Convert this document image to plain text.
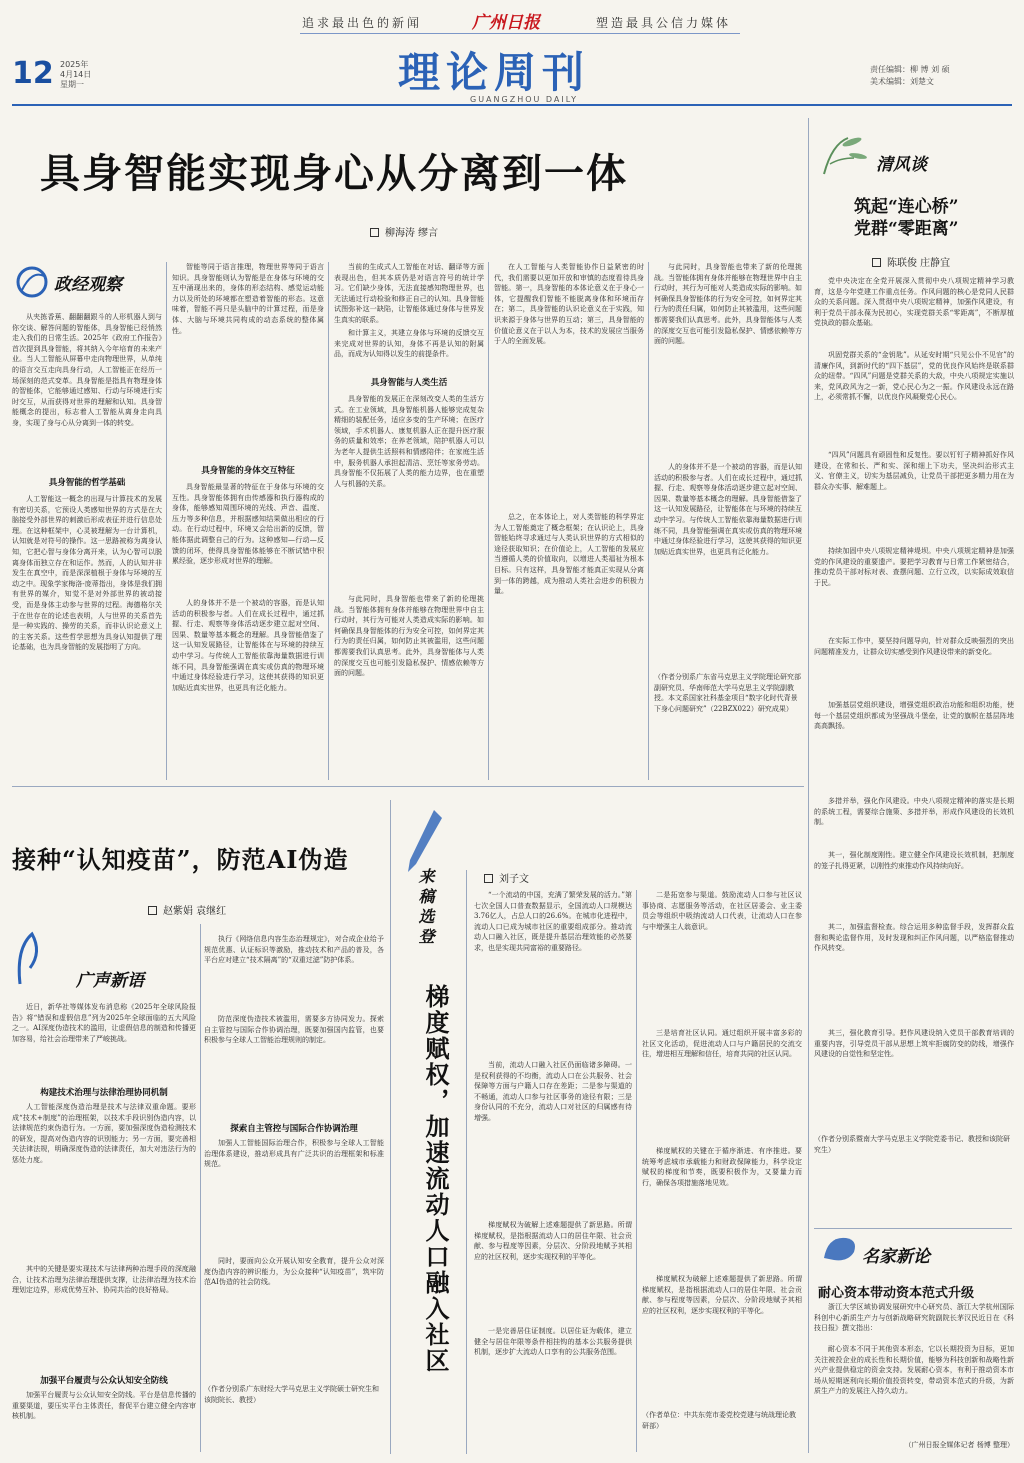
追求最出色的新闻	广州日报	塑造最具公信力媒体
12 2025年
4月14日
星期一	理论周刊
GUANGZHOU DAILY
责任编辑：柳 博 刘 硕
美术编辑：刘楚文
具身智能实现身心从分离到一体
柳海涛 缪言
清风谈
筑起“连心桥”
党群“零距离”
陈联俊 庄静宜
政经观察

从夹拣香蕉、翻翻翻跟斗的人形机器人到与你交谈、解答问题的智能体，具身智能已经悄然走入我们的日常生活。2025年《政府工作报告》首次提到具身智能，将其纳入今年培育的未来产业。当人工智能从屏幕中走向物理世界，从单纯的语言交互走向具身行动，人工智能正在经历一场深刻的范式变革。具身智能是指具有物理身体的智能体，它能够通过感知、行动与环境进行实时交互，从而获得对世界的理解和认知。具身智能概念的提出，标志着人工智能从离身走向具身，实现了身与心从分离到一体的转变。

具身智能的哲学基础

人工智能这一概念的出现与计算技术的发展有密切关系，它预设人类感知世界的方式是在大脑接受外部世界的刺激后形成表征并进行信息处理。在这种框架中，心灵被理解为一台计算机，认知就是对符号的操作。这一思路被称为离身认知，它把心智与身体分离开来，认为心智可以脱离身体而独立存在和运作。然而，人的认知并非发生在真空中，而是深深植根于身体与环境的互动之中。现象学家梅洛-庞蒂指出，身体是我们拥有世界的媒介，知觉不是对外部世界的被动接受，而是身体主动参与世界的过程。海德格尔关于在世存在的论述也表明，人与世界的关系首先是一种实践的、操劳的关系，而非认识论意义上的主客关系。这些哲学思想为具身认知提供了理论基础，也为具身智能的发展指明了方向。

智能等同于语言推理，物理世界等同于语言知识。具身智能则认为智能是在身体与环境的交互中涌现出来的，身体的形态结构、感觉运动能力以及所处的环境都在塑造着智能的形态。这意味着，智能不再只是头脑中的计算过程，而是身体、大脑与环境共同构成的动态系统的整体属性。

具身智能的身体交互特征

具身智能最显著的特征在于身体与环境的交互性。具身智能体拥有由传感器和执行器构成的身体，能够感知周围环境的光线、声音、温度、压力等多种信息，并根据感知结果做出相应的行动。在行动过程中，环境又会给出新的反馈，智能体据此调整自己的行为。这种感知—行动—反馈的闭环，使得具身智能体能够在不断试错中积累经验，逐步形成对世界的理解。

人的身体并不是一个被动的容器，而是认知活动的积极参与者。人们在成长过程中，通过抓握、行走、观察等身体活动逐步建立起对空间、因果、数量等基本概念的理解。具身智能借鉴了这一认知发展路径，让智能体在与环境的持续互动中学习。与传统人工智能依靠海量数据进行训练不同，具身智能强调在真实或仿真的物理环境中通过身体经验进行学习，这使其获得的知识更加贴近真实世界，也更具有泛化能力。

当前的生成式人工智能在对话、翻译等方面表现出色，但其本质仍是对语言符号的统计学习。它们缺少身体，无法直接感知物理世界，也无法通过行动检验和修正自己的认知。具身智能试图弥补这一缺陷，让智能体通过身体与世界发生真实的联系。

和计算主义，其建立身体与环境的反馈交互来完成对世界的认知，身体不再是认知的附属品，而成为认知得以发生的前提条件。

具身智能与人类生活

具身智能的发展正在深刻改变人类的生活方式。在工业领域，具身智能机器人能够完成复杂精细的装配任务，适应多变的生产环境；在医疗领域，手术机器人、康复机器人正在提升医疗服务的质量和效率；在养老领域，陪护机器人可以为老年人提供生活照料和情感陪伴；在家庭生活中，服务机器人承担起清洁、烹饪等家务劳动。具身智能不仅拓展了人类的能力边界，也在重塑人与机器的关系。

与此同时，具身智能也带来了新的伦理挑战。当智能体拥有身体并能够在物理世界中自主行动时，其行为可能对人类造成实际的影响。如何确保具身智能体的行为安全可控，如何界定其行为的责任归属，如何防止其被滥用，这些问题都需要我们认真思考。此外，具身智能体与人类的深度交互也可能引发隐私保护、情感依赖等方面的问题。

在人工智能与人类智能协作日益紧密的时代，我们需要以更加开放和审慎的态度看待具身智能。第一，具身智能的本体论意义在于身心一体，它提醒我们智能不能脱离身体和环境而存在；第二，具身智能的认识论意义在于实践，知识来源于身体与世界的互动；第三，具身智能的价值论意义在于以人为本，技术的发展应当服务于人的全面发展。

总之，在本体论上，对人类智能的科学界定为人工智能奠定了概念框架；在认识论上，具身智能始终寻求通过与人类认识世界的方式相似的途径获取知识；在价值论上，人工智能的发展应当遵循人类的价值取向，以增进人类福祉为根本目标。只有这样，具身智能才能真正实现从分离到一体的跨越，成为推动人类社会进步的积极力量。

与此同时，具身智能也带来了新的伦理挑战。当智能体拥有身体并能够在物理世界中自主行动时，其行为可能对人类造成实际的影响。如何确保具身智能体的行为安全可控，如何界定其行为的责任归属，如何防止其被滥用，这些问题都需要我们认真思考。此外，具身智能体与人类的深度交互也可能引发隐私保护、情感依赖等方面的问题。

人的身体并不是一个被动的容器，而是认知活动的积极参与者。人们在成长过程中，通过抓握、行走、观察等身体活动逐步建立起对空间、因果、数量等基本概念的理解。具身智能借鉴了这一认知发展路径，让智能体在与环境的持续互动中学习。与传统人工智能依靠海量数据进行训练不同，具身智能强调在真实或仿真的物理环境中通过身体经验进行学习，这使其获得的知识更加贴近真实世界，也更具有泛化能力。

（作者分别系广东省马克思主义学院理论研究部副研究员、华南师范大学马克思主义学院副教授。本文系国家社科基金项目“数字化时代背景下身心问题研究”（22BZX022）研究成果）

党中央决定在全党开展深入贯彻中央八项规定精神学习教育，这是今年党建工作重点任务。作风问题的核心是党同人民群众的关系问题。深入贯彻中央八项规定精神，加强作风建设，有利于党员干部永葆为民初心，实现党群关系“零距离”，不断厚植党执政的群众基础。

巩固党群关系的“金钥匙”。从延安时期“只见公仆不见官”的清廉作风，到新时代的“四下基层”，党的优良作风始终是联系群众的纽带。“四风”问题是党群关系的大敌，中央八项规定实施以来，党风政风为之一新，党心民心为之一振。作风建设永远在路上，必须常抓不懈，以优良作风凝聚党心民心。

“四风”问题具有顽固性和反复性。要以钉钉子精神抓好作风建设，在常和长、严和实、深和细上下功夫，坚决纠治形式主义、官僚主义，切实为基层减负，让党员干部把更多精力用在为群众办实事、解难题上。

持续加固中央八项规定精神堤坝。中央八项规定精神是加强党的作风建设的重要遗产。要把学习教育与日常工作紧密结合，推动党员干部对标对表、查摆问题、立行立改，以实际成效取信于民。

在实际工作中，要坚持问题导向，针对群众反映强烈的突出问题精准发力，让群众切实感受到作风建设带来的新变化。

加强基层党组织建设，增强党组织政治功能和组织功能，使每一个基层党组织都成为坚强战斗堡垒，让党的旗帜在基层阵地高高飘扬。

多措并举，强化作风建设。中央八项规定精神的落实是长期的系统工程，需要综合施策、多措并举，形成作风建设的长效机制。

其一，强化制度刚性。建立健全作风建设长效机制，把制度的笼子扎得更紧，以刚性约束推动作风持续向好。

其二，加强监督检查。综合运用多种监督手段，发挥群众监督和舆论监督作用，及时发现和纠正作风问题，以严格监督推动作风转变。

其三，强化教育引导。把作风建设纳入党员干部教育培训的重要内容，引导党员干部从思想上筑牢拒腐防变的防线，增强作风建设的自觉性和坚定性。

（作者分别系暨南大学马克思主义学院党委书记、教授和该院研究生）

名家新论
耐心资本带动资本范式升级

浙江大学区域协调发展研究中心研究员、浙江大学杭州国际科创中心新质生产力与创新战略研究院副院长茅汉民近日在《科技日报》撰文指出：

耐心资本不同于其他资本形态，它以长期投资为目标，更加关注被投企业的成长性和长期价值，能够为科技创新和战略性新兴产业提供稳定的资金支持。发展耐心资本，有利于推动资本市场从短期逐利向长期价值投资转变，带动资本范式的升级，为新质生产力的发展注入持久动力。

（广州日报全媒体记者 杨博 整理）

接种“认知疫苗”，防范AI伪造
赵紫娟 袁继红
广声新语

近日，新华社等媒体发布消息称《2025年全球风险报告》将“错误和虚假信息”列为2025年全球面临的五大风险之一。AI深度伪造技术的滥用，让虚假信息的制造和传播更加容易，给社会治理带来了严峻挑战。

构建技术治理与法律治理协同机制

人工智能深度伪造治理是技术与法律双重命题。要形成“技术+制度”的治理框架，以技术手段识别伪造内容，以法律规范约束伪造行为。一方面，要加强深度伪造检测技术的研发，提高对伪造内容的识别能力；另一方面，要完善相关法律法规，明确深度伪造的法律责任，加大对违法行为的惩处力度。

其中的关键是要实现技术与法律两种治理手段的深度融合，让技术治理为法律治理提供支撑，让法律治理为技术治理划定边界，形成优势互补、协同共治的良好格局。

加强平台履责与公众认知安全防线

加强平台履责与公众认知安全防线。平台是信息传播的重要渠道，要压实平台主体责任，督促平台建立健全内容审核机制。

执行《网络信息内容生态治理规定》，对合成企业给予规范优惠、认证标识等激励，推动技术和产品的普及，各平台应对建立“技术隔离”的“双重过滤”防护体系。

防范深度伪造技术被滥用，需要多方协同发力。探索自主管控与国际合作协调治理，既要加强国内监管，也要积极参与全球人工智能治理规则的制定。

探索自主管控与国际合作协调治理

加强人工智能国际治理合作，积极参与全球人工智能治理体系建设，推动形成具有广泛共识的治理框架和标准规范。

同时，要面向公众开展认知安全教育，提升公众对深度伪造内容的辨识能力，为公众接种“认知疫苗”，筑牢防范AI伪造的社会防线。

（作者分别系广东财经大学马克思主义学院硕士研究生和该院院长、教授）

来稿选登
梯度赋权，加速流动人口融入社区
刘子文

“一个流动的中国，充满了繁荣发展的活力。”第七次全国人口普查数据显示，全国流动人口规模达3.76亿人，占总人口的26.6%。在城市化进程中，流动人口已成为城市社区的重要组成部分。推动流动人口融入社区，既是提升基层治理效能的必然要求，也是实现共同富裕的重要路径。

当前，流动人口融入社区仍面临诸多障碍。一是权利获得的不均衡，流动人口在公共服务、社会保障等方面与户籍人口存在差距；二是参与渠道的不畅通，流动人口参与社区事务的途径有限；三是身份认同的不充分，流动人口对社区的归属感有待增强。

梯度赋权为破解上述难题提供了新思路。所谓梯度赋权，是指根据流动人口的居住年限、社会贡献、参与程度等因素，分层次、分阶段地赋予其相应的社区权利，逐步实现权利的平等化。

一是完善居住证制度。以居住证为载体，建立健全与居住年限等条件相挂钩的基本公共服务提供机制，逐步扩大流动人口享有的公共服务范围。

二是拓宽参与渠道。鼓励流动人口参与社区议事协商、志愿服务等活动，在社区居委会、业主委员会等组织中吸纳流动人口代表，让流动人口在参与中增强主人翁意识。

三是培育社区认同。通过组织开展丰富多彩的社区文化活动，促进流动人口与户籍居民的交流交往，增进相互理解和信任，培育共同的社区认同。

梯度赋权的关键在于循序渐进、有序推进。要统筹考虑城市承载能力和财政保障能力，科学设定赋权的梯度和节奏，既要积极作为，又要量力而行，确保各项措施落地见效。

梯度赋权为破解上述难题提供了新思路。所谓梯度赋权，是指根据流动人口的居住年限、社会贡献、参与程度等因素，分层次、分阶段地赋予其相应的社区权利，逐步实现权利的平等化。

（作者单位：中共东莞市委党校党建与统战理论教研部）
